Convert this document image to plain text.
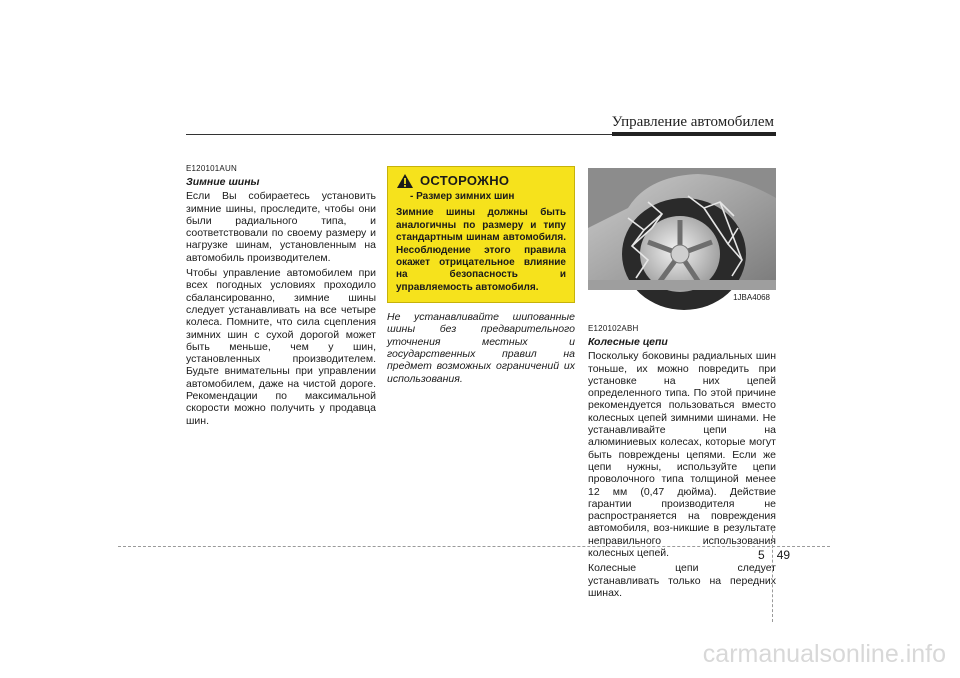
Управление автомобилем
E120101AUN
Зимние шины

Если Вы собираетесь установить зимние шины, проследите, чтобы они были радиального типа, и соответствовали по своему размеру и нагрузке шинам, установленным на автомобиль производителем.

Чтобы управление автомобилем при всех погодных условиях проходило сбалансированно, зимние шины следует устанавливать на все четыре колеса. Помните, что сила сцепления зимних шин с сухой дорогой может быть меньше, чем у шин, установленных производителем. Будьте внимательны при управлении автомобилем, даже на чистой дороге. Рекомендации по максимальной скорости можно получить у продавца шин.

ОСТОРОЖНО
- Размер зимних шин

Зимние шины должны быть аналогичны по размеру и типу стандартным шинам автомобиля. Несоблюдение этого правила окажет отрицательное влияние на безопасность и управляемость автомобиля.

Не устанавливайте шипованные шины без предварительного уточнения местных и государственных правил на предмет возможных ограничений их использования.

1JBA4068
E120102ABH
Колесные цепи

Поскольку боковины радиальных шин тоньше, их можно повредить при установке на них цепей определенного типа. По этой причине рекомендуется пользоваться вместо колесных цепей зимними шинами. Не устанавливайте цепи на алюминиевых колесах, которые могут быть повреждены цепями. Если же цепи нужны, используйте цепи проволочного типа толщиной менее 12 мм (0,47 дюйма). Действие гарантии производителя не распространяется на повреждения автомобиля, воз-никшие в результате неправильного использования колесных цепей.

Колесные цепи следует устанавливать только на передних шинах.

5 49
carmanualsonline.info
